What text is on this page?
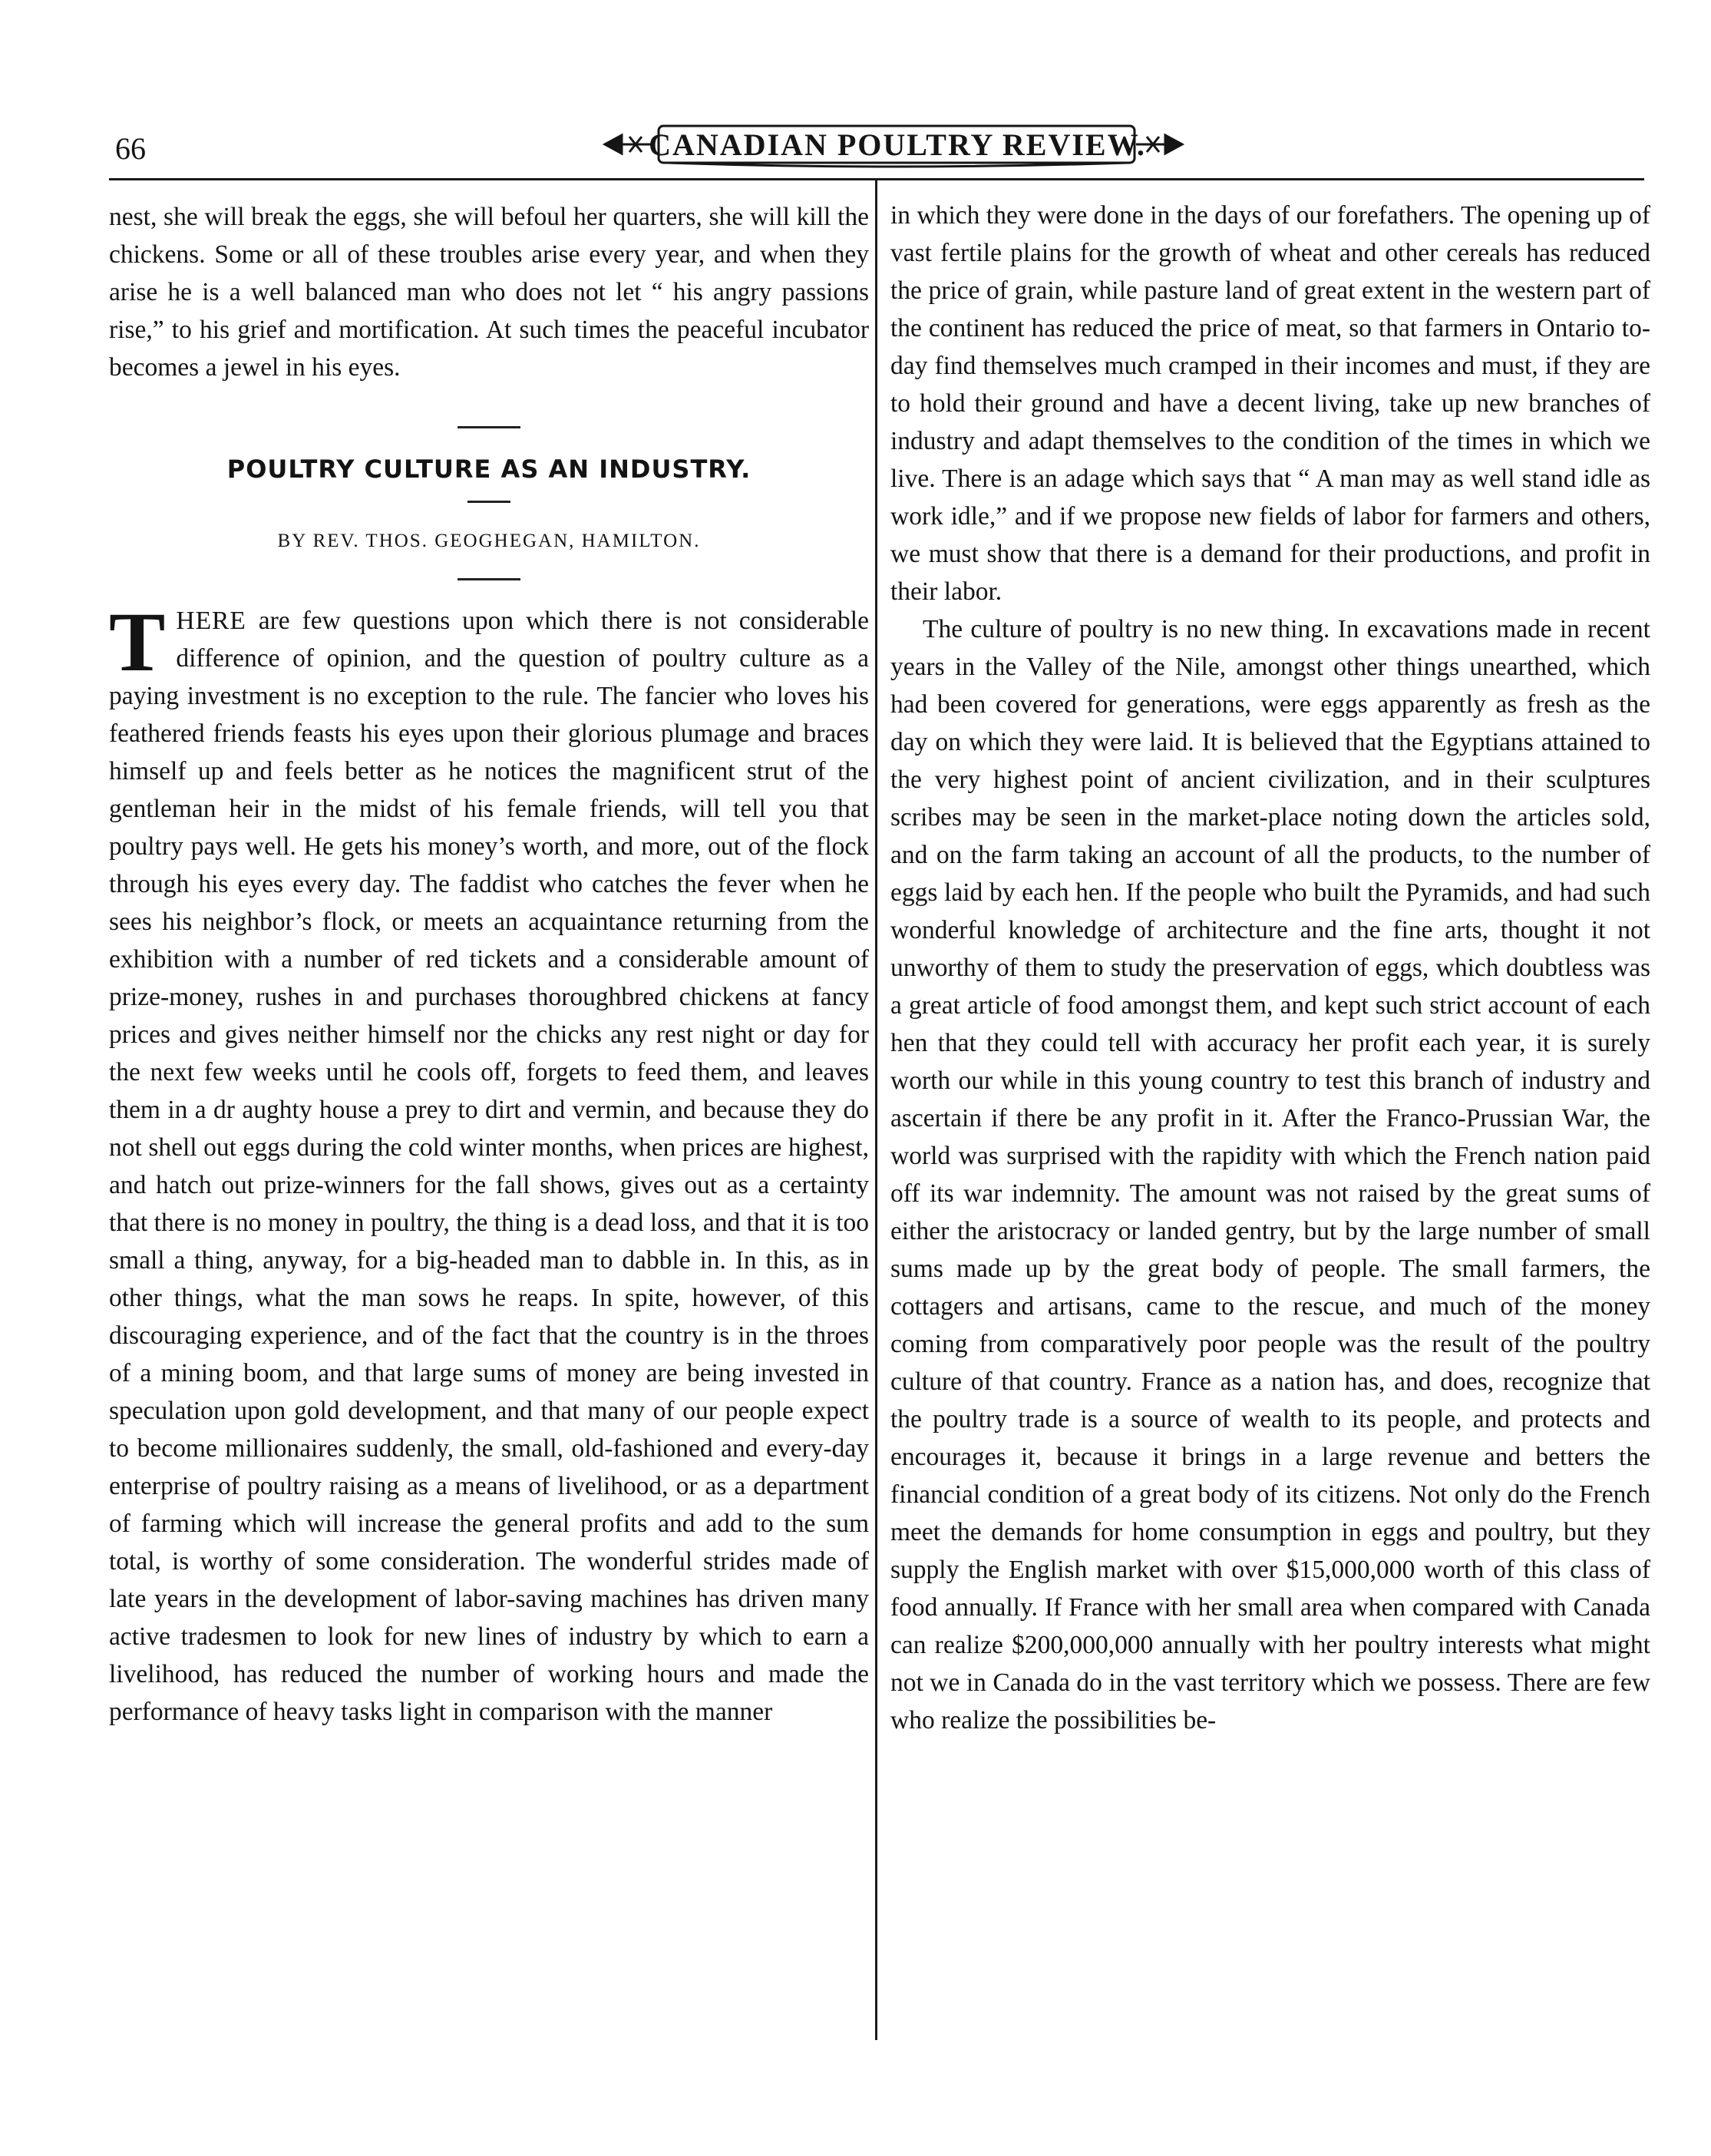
66	CANADIAN POULTRY REVIEW.

nest, she will break the eggs, she will befoul her quarters, she will kill the chickens. Some or all of these troubles arise every year, and when they arise he is a well balanced man who does not let “ his angry passions rise,” to his grief and mortification. At such times the peaceful incubator becomes a jewel in his eyes.

POULTRY CULTURE AS AN INDUSTRY.

BY REV. THOS. GEOGHEGAN, HAMILTON.

THERE are few questions upon which there is not considerable difference of opinion, and the question of poultry culture as a paying investment is no exception to the rule. The fancier who loves his feathered friends feasts his eyes upon their glorious plumage and braces himself up and feels better as he notices the magnificent strut of the gentleman heir in the midst of his female friends, will tell you that poultry pays well. He gets his money’s worth, and more, out of the flock through his eyes every day. The faddist who catches the fever when he sees his neighbor’s flock, or meets an acquaintance returning from the exhibition with a number of red tickets and a considerable amount of prize-money, rushes in and purchases thoroughbred chickens at fancy prices and gives neither himself nor the chicks any rest night or day for the next few weeks until he cools off, forgets to feed them, and leaves them in a dr aughty house a prey to dirt and vermin, and because they do not shell out eggs during the cold winter months, when prices are highest, and hatch out prize-winners for the fall shows, gives out as a certainty that there is no money in poultry, the thing is a dead loss, and that it is too small a thing, anyway, for a big-headed man to dabble in. In this, as in other things, what the man sows he reaps. In spite, however, of this discouraging experience, and of the fact that the country is in the throes of a mining boom, and that large sums of money are being invested in speculation upon gold development, and that many of our people expect to become millionaires suddenly, the small, old-fashioned and every-day enterprise of poultry raising as a means of livelihood, or as a department of farming which will increase the general profits and add to the sum total, is worthy of some consideration. The wonderful strides made of late years in the development of labor-saving machines has driven many active tradesmen to look for new lines of industry by which to earn a livelihood, has reduced the number of working hours and made the performance of heavy tasks light in comparison with the manner

in which they were done in the days of our forefathers. The opening up of vast fertile plains for the growth of wheat and other cereals has reduced the price of grain, while pasture land of great extent in the western part of the continent has reduced the price of meat, so that farmers in Ontario to-day find themselves much cramped in their incomes and must, if they are to hold their ground and have a decent living, take up new branches of industry and adapt themselves to the condition of the times in which we live. There is an adage which says that “ A man may as well stand idle as work idle,” and if we propose new fields of labor for farmers and others, we must show that there is a demand for their productions, and profit in their labor.

The culture of poultry is no new thing. In excavations made in recent years in the Valley of the Nile, amongst other things unearthed, which had been covered for generations, were eggs apparently as fresh as the day on which they were laid. It is believed that the Egyptians attained to the very highest point of ancient civilization, and in their sculptures scribes may be seen in the market-place noting down the articles sold, and on the farm taking an account of all the products, to the number of eggs laid by each hen. If the people who built the Pyramids, and had such wonderful knowledge of architecture and the fine arts, thought it not unworthy of them to study the preservation of eggs, which doubtless was a great article of food amongst them, and kept such strict account of each hen that they could tell with accuracy her profit each year, it is surely worth our while in this young country to test this branch of industry and ascertain if there be any profit in it. After the Franco-Prussian War, the world was surprised with the rapidity with which the French nation paid off its war indemnity. The amount was not raised by the great sums of either the aristocracy or landed gentry, but by the large number of small sums made up by the great body of people. The small farmers, the cottagers and artisans, came to the rescue, and much of the money coming from comparatively poor people was the result of the poultry culture of that country. France as a nation has, and does, recognize that the poultry trade is a source of wealth to its people, and protects and encourages it, because it brings in a large revenue and betters the financial condition of a great body of its citizens. Not only do the French meet the demands for home consumption in eggs and poultry, but they supply the English market with over $15,000,000 worth of this class of food annually. If France with her small area when compared with Canada can realize $200,000,000 annually with her poultry interests what might not we in Canada do in the vast territory which we possess. There are few who realize the possibilities be-
